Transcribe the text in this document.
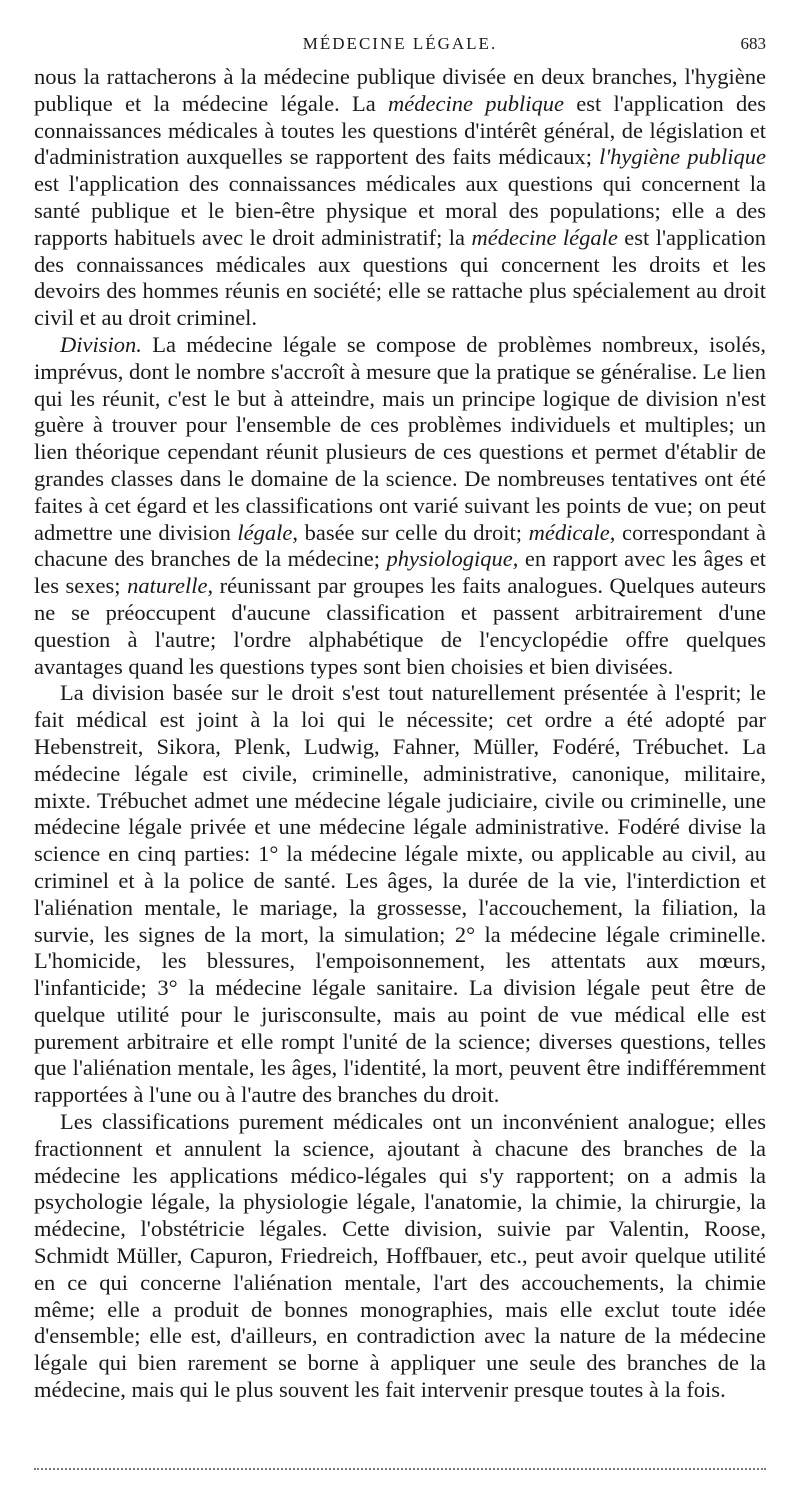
MÉDECINE LÉGALE.	683

nous la rattacherons à la médecine publique divisée en deux branches, l'hygiène publique et la médecine légale. La médecine publique est l'application des connaissances médicales à toutes les questions d'intérêt général, de législation et d'administration auxquelles se rapportent des faits médicaux; l'hygiène publique est l'application des connaissances médicales aux questions qui concernent la santé publique et le bien-être physique et moral des populations; elle a des rapports habituels avec le droit administratif; la médecine légale est l'application des connaissances médicales aux questions qui concernent les droits et les devoirs des hommes réunis en société; elle se rattache plus spécialement au droit civil et au droit criminel.

Division. La médecine légale se compose de problèmes nombreux, isolés, imprévus, dont le nombre s'accroît à mesure que la pratique se généralise. Le lien qui les réunit, c'est le but à atteindre, mais un principe logique de division n'est guère à trouver pour l'ensemble de ces problèmes individuels et multiples; un lien théorique cependant réunit plusieurs de ces questions et permet d'établir de grandes classes dans le domaine de la science. De nombreuses tentatives ont été faites à cet égard et les classifications ont varié suivant les points de vue; on peut admettre une division légale, basée sur celle du droit; médicale, correspondant à chacune des branches de la médecine; physiologique, en rapport avec les âges et les sexes; naturelle, réunissant par groupes les faits analogues. Quelques auteurs ne se préoccupent d'aucune classification et passent arbitrairement d'une question à l'autre; l'ordre alphabétique de l'encyclopédie offre quelques avantages quand les questions types sont bien choisies et bien divisées.

La division basée sur le droit s'est tout naturellement présentée à l'esprit; le fait médical est joint à la loi qui le nécessite; cet ordre a été adopté par Hebenstreit, Sikora, Plenk, Ludwig, Fahner, Müller, Fodéré, Trébuchet. La médecine légale est civile, criminelle, administrative, canonique, militaire, mixte. Trébuchet admet une médecine légale judiciaire, civile ou criminelle, une médecine légale privée et une médecine légale administrative. Fodéré divise la science en cinq parties: 1° la médecine légale mixte, ou applicable au civil, au criminel et à la police de santé. Les âges, la durée de la vie, l'interdiction et l'aliénation mentale, le mariage, la grossesse, l'accouchement, la filiation, la survie, les signes de la mort, la simulation; 2° la médecine légale criminelle. L'homicide, les blessures, l'empoisonnement, les attentats aux mœurs, l'infanticide; 3° la médecine légale sanitaire. La division légale peut être de quelque utilité pour le jurisconsulte, mais au point de vue médical elle est purement arbitraire et elle rompt l'unité de la science; diverses questions, telles que l'aliénation mentale, les âges, l'identité, la mort, peuvent être indifféremment rapportées à l'une ou à l'autre des branches du droit.

Les classifications purement médicales ont un inconvénient analogue; elles fractionnent et annulent la science, ajoutant à chacune des branches de la médecine les applications médico-légales qui s'y rapportent; on a admis la psychologie légale, la physiologie légale, l'anatomie, la chimie, la chirurgie, la médecine, l'obstétricie légales. Cette division, suivie par Valentin, Roose, Schmidt Müller, Capuron, Friedreich, Hoffbauer, etc., peut avoir quelque utilité en ce qui concerne l'aliénation mentale, l'art des accouchements, la chimie même; elle a produit de bonnes monographies, mais elle exclut toute idée d'ensemble; elle est, d'ailleurs, en contradiction avec la nature de la médecine légale qui bien rarement se borne à appliquer une seule des branches de la médecine, mais qui le plus souvent les fait intervenir presque toutes à la fois.
